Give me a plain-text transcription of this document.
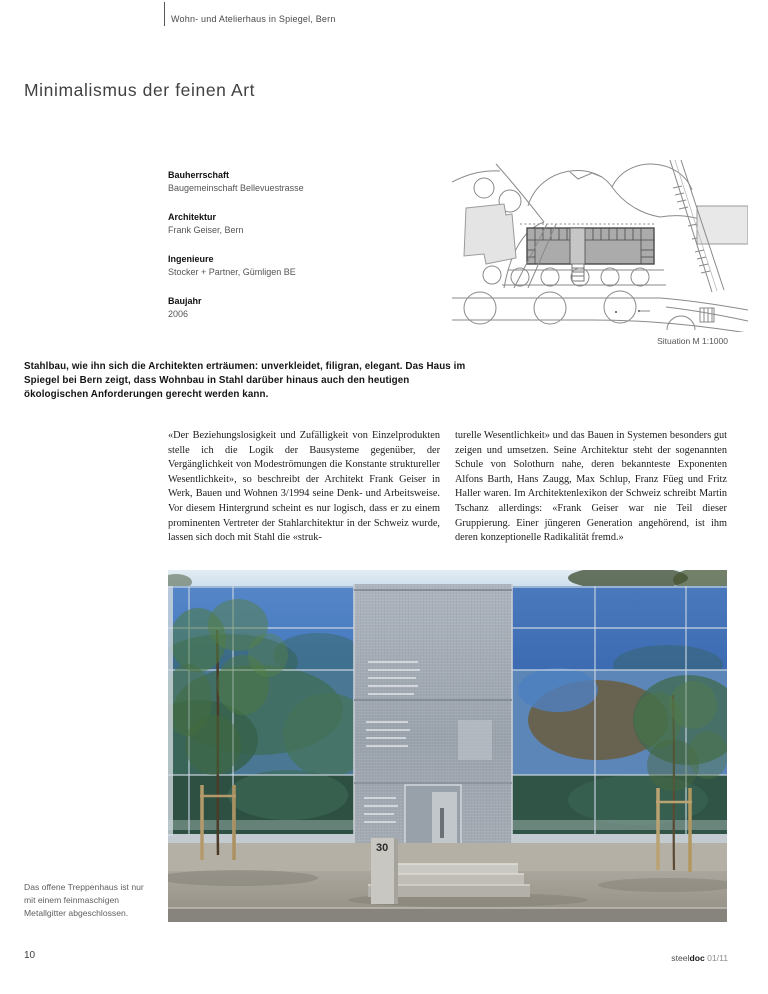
Wohn- und Atelierhaus in Spiegel, Bern
Minimalismus der feinen Art
Bauherrschaft
Baugemeinschaft Bellevuestrasse
Architektur
Frank Geiser, Bern
Ingenieure
Stocker + Partner, Gümligen BE
Baujahr
2006
Situation M 1:1000
Stahlbau, wie ihn sich die Architekten erträumen: unverkleidet, filigran, elegant. Das Haus im Spiegel bei Bern zeigt, dass Wohnbau in Stahl darüber hinaus auch den heutigen ökologischen Anforderungen gerecht werden kann.
«Der Beziehungslosigkeit und Zufälligkeit von Einzelprodukten stelle ich die Logik der Bausysteme gegenüber, der Vergänglichkeit von Modeströmungen die Konstante struktureller Wesentlichkeit», so beschreibt der Architekt Frank Geiser in Werk, Bauen und Wohnen 3/1994 seine Denk- und Arbeitsweise. Vor diesem Hintergrund scheint es nur logisch, dass er zu einem prominenten Vertreter der Stahlarchitektur in der Schweiz wurde, lassen sich doch mit Stahl die «struk-
turelle Wesentlichkeit» und das Bauen in Systemen besonders gut zeigen und umsetzen. Seine Architektur steht der sogenannten Schule von Solothurn nahe, deren bekannteste Exponenten Alfons Barth, Hans Zaugg, Max Schlup, Franz Füeg und Fritz Haller waren. Im Architektenlexikon der Schweiz schreibt Martin Tschanz allerdings: «Frank Geiser war nie Teil dieser Gruppierung. Einer jüngeren Generation angehörend, ist ihm deren konzeptionelle Radikalität fremd.»
30
Das offene Treppenhaus ist nur mit einem feinmaschigen Metallgitter abgeschlossen.
10	steeldoc 01/11
